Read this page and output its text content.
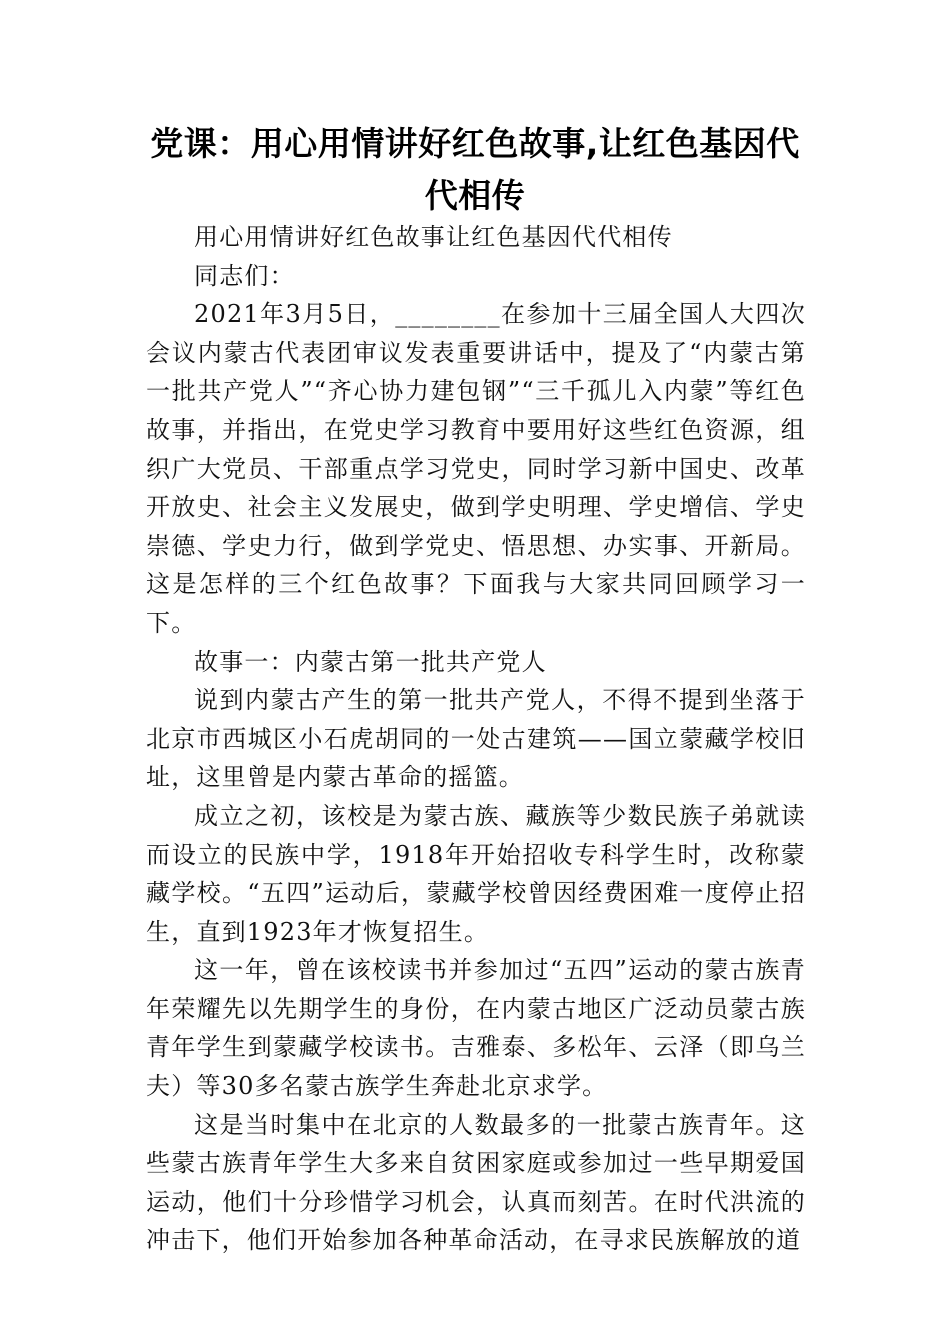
党课：用心用情讲好红色故事,让红色基因代代相传

用心用情讲好红色故事让红色基因代代相传

同志们：

2021年3月5日，________在参加十三届全国人大四次会议内蒙古代表团审议发表重要讲话中，提及了“内蒙古第一批共产党人”“齐心协力建包钢”“三千孤儿入内蒙”等红色故事，并指出，在党史学习教育中要用好这些红色资源，组织广大党员、干部重点学习党史，同时学习新中国史、改革开放史、社会主义发展史，做到学史明理、学史增信、学史崇德、学史力行，做到学党史、悟思想、办实事、开新局。这是怎样的三个红色故事？下面我与大家共同回顾学习一下。

故事一：内蒙古第一批共产党人

说到内蒙古产生的第一批共产党人，不得不提到坐落于北京市西城区小石虎胡同的一处古建筑——国立蒙藏学校旧址，这里曾是内蒙古革命的摇篮。

成立之初，该校是为蒙古族、藏族等少数民族子弟就读而设立的民族中学，1918年开始招收专科学生时，改称蒙藏学校。“五四”运动后，蒙藏学校曾因经费困难一度停止招生，直到1923年才恢复招生。

这一年，曾在该校读书并参加过“五四”运动的蒙古族青年荣耀先以先期学生的身份，在内蒙古地区广泛动员蒙古族青年学生到蒙藏学校读书。吉雅泰、多松年、云泽（即乌兰夫）等30多名蒙古族学生奔赴北京求学。

这是当时集中在北京的人数最多的一批蒙古族青年。这些蒙古族青年学生大多来自贫困家庭或参加过一些早期爱国运动，他们十分珍惜学习机会，认真而刻苦。在时代洪流的冲击下，他们开始参加各种革命活动，在寻求民族解放的道
